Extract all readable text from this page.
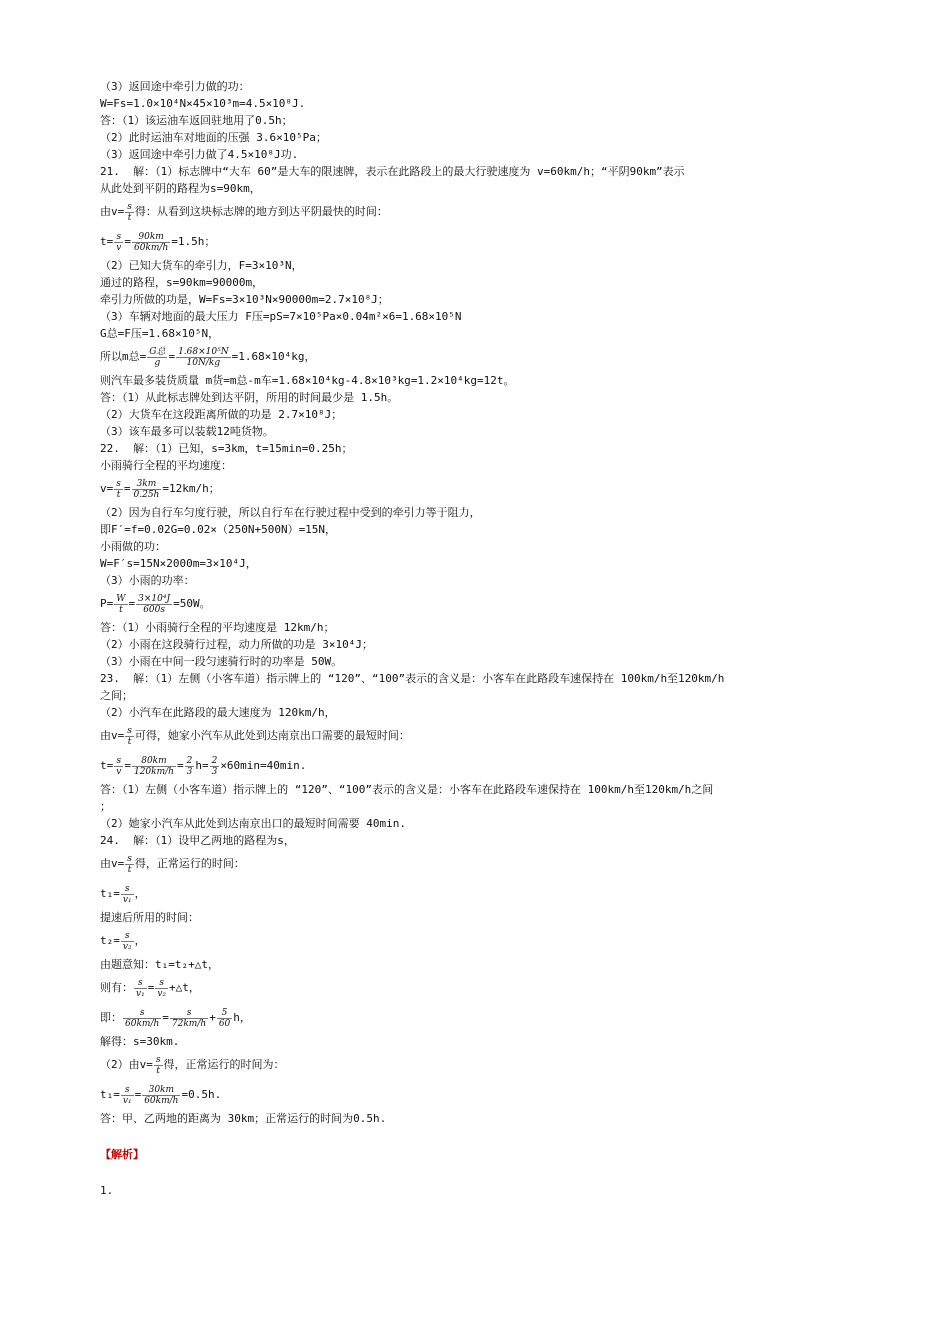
（3）返回途中牵引力做的功：
W=Fs=1.0×10⁴N×45×10³m=4.5×10⁸J.
答：（1）该运油车返回驻地用了0.5h；
（2）此时运油车对地面的压强 3.6×10⁵Pa；
（3）返回途中牵引力做了4.5×10⁸J功.
21.  解：（1）标志牌中“大车 60”是大车的限速牌，表示在此路段上的最大行驶速度为 v=60km/h；“平阴90km”表示
从此处到平阴的路程为s=90km，
由$v= \frac{s}{t}$ 得：从看到这块标志牌的地方到达平阴最快的时间：
$t= \frac{s}{v} = \frac{90km}{60km/h} =1.5h$；
（2）已知大货车的牵引力，F=3×10³N，
通过的路程，s=90km=90000m，
牵引力所做的功是，W=Fs=3×10³N×90000m=2.7×10⁸J；
（3）车辆对地面的最大压力 F压=pS=7×10⁵Pa×0.04m²×6=1.68×10⁵N
G总=F压=1.68×10⁵N，
所以m总= $\frac{\text{G总}}{g} = \frac{\text{1.68×10⁵N}}{10N/kg} =1.68\times 10^4kg$，
则汽车最多装货质量 m货=m总-m车=1.68×10⁴kg-4.8×10³kg=1.2×10⁴kg=12t。
答：（1）从此标志牌处到达平阴，所用的时间最少是 1.5h。
（2）大货车在这段距离所做的功是 2.7×10⁸J；
（3）该车最多可以装载12吨货物。
22.  解：（1）已知，s=3km，t=15min=0.25h；
小雨骑行全程的平均速度：
$v= \frac{s}{t} = \frac{3km}{0.25h} =12km/h$；
（2）因为自行车匀度行驶，所以自行车在行驶过程中受到的牵引力等于阻力，
即F′=f=0.02G=0.02×（250N+500N）=15N，
小雨做的功：
W=F′s=15N×2000m=3×10⁴J，
（3）小雨的功率：
$P= \frac{W}{t} = \frac{\text{3×10⁴J}}{600s} =50W$。
答：（1）小雨骑行全程的平均速度是 12km/h；
（2）小雨在这段骑行过程，动力所做的功是 3×10⁴J；
（3）小雨在中间一段匀速骑行时的功率是 50W。
23.  解：（1）左侧（小客车道）指示牌上的 “120”、“100”表示的含义是：小客车在此路段车速保持在 100km/h至120km/h
之间；
（2）小汽车在此路段的最大速度为 120km/h，
由$v= \frac{s}{t}$ 可得，她家小汽车从此处到达南京出口需要的最短时间：
$t= \frac{s}{v} = \frac{80km}{120km/h} = \frac{2}{3} h= \frac{2}{3} \times 60\min=40\min$.
答：（1）左侧（小客车道）指示牌上的 “120”、“100”表示的含义是：小客车在此路段车速保持在 100km/h至120km/h之间
；
（2）她家小汽车从此处到达南京出口的最短时间需要 40min.
24.  解：（1）设甲乙两地的路程为s，
由$v= \frac{s}{t}$ 得，正常运行的时间：
$t_1= \frac{s}{\text{v₁}}$ ，
提速后所用的时间：
$t_2= \frac{s}{\text{v₂}}$ ，
由题意知：t₁=t₂+△t，
则有： $\frac{s}{\text{v₁}} = \frac{s}{\text{v₂}}$ +△t，
即： $\frac{s}{60km/h} = \frac{s}{72km/h} + \frac{5}{60}$ h，
解得：s=30km.
（2）由$v= \frac{s}{t}$ 得，正常运行的时间为：
$t_1= \frac{s}{\text{v₁}} = \frac{30km}{60km/h} =0.5h$.
答：甲、乙两地的距离为 30km；正常运行的时间为0.5h.
【解析】
1.
